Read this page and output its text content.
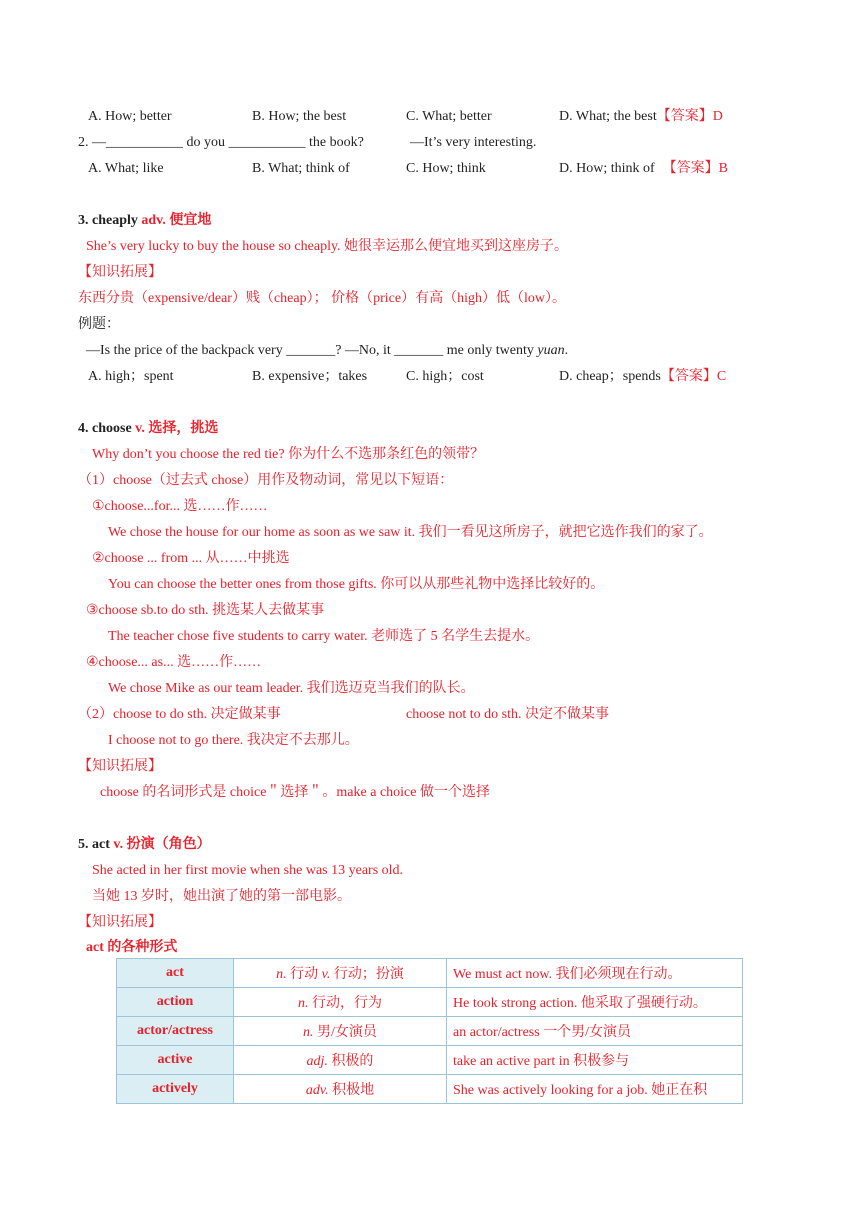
A. How; better	B. How; the best	C. What; better	D. What; the best【答案】D
2. —___________ do you ___________ the book?	—It’s very interesting.
A. What; like	B. What; think of	C. How; think	D. How; think of 【答案】B
3. cheaply adv. 便宜地
She’s very lucky to buy the house so cheaply. 她很幸运那么便宜地买到这座房子。
【知识拓展】
东西分贵（expensive/dear）贱（cheap）； 价格（price）有高（high）低（low）。
例题：
—Is the price of the backpack very _______? —No, it _______ me only twenty yuan.
A. high；spent	B. expensive；takes	C. high；cost	D. cheap；spends【答案】C
4. choose v. 选择，挑选
Why don’t you choose the red tie? 你为什么不选那条红色的领带？
（1）choose（过去式 chose）用作及物动词，常见以下短语：
①choose...for... 选……作……
We chose the house for our home as soon as we saw it. 我们一看见这所房子，就把它选作我们的家了。
②choose ... from ... 从……中挑选
You can choose the better ones from those gifts. 你可以从那些礼物中选择比较好的。
③choose sb.to do sth. 挑选某人去做某事
The teacher chose five students to carry water. 老师选了 5 名学生去提水。
④choose... as... 选……作……
We chose Mike as our team leader. 我们选迈克当我们的队长。
（2）choose to do sth. 决定做某事	choose not to do sth. 决定不做某事
I choose not to go there. 我决定不去那儿。
【知识拓展】
choose 的名词形式是 choice＂选择＂。make a choice 做一个选择
5. act v. 扮演（角色）
She acted in her first movie when she was 13 years old.
当她 13 岁时，她出演了她的第一部电影。
【知识拓展】
act 的各种形式
act	n. 行动 v. 行动；扮演	We must act now. 我们必须现在行动。
action	n. 行动，行为	He took strong action. 他采取了强硬行动。
actor/actress	n. 男/女演员	an actor/actress 一个男/女演员
active	adj. 积极的	take an active part in 积极参与
actively	adv. 积极地	She was actively looking for a job. 她正在积
